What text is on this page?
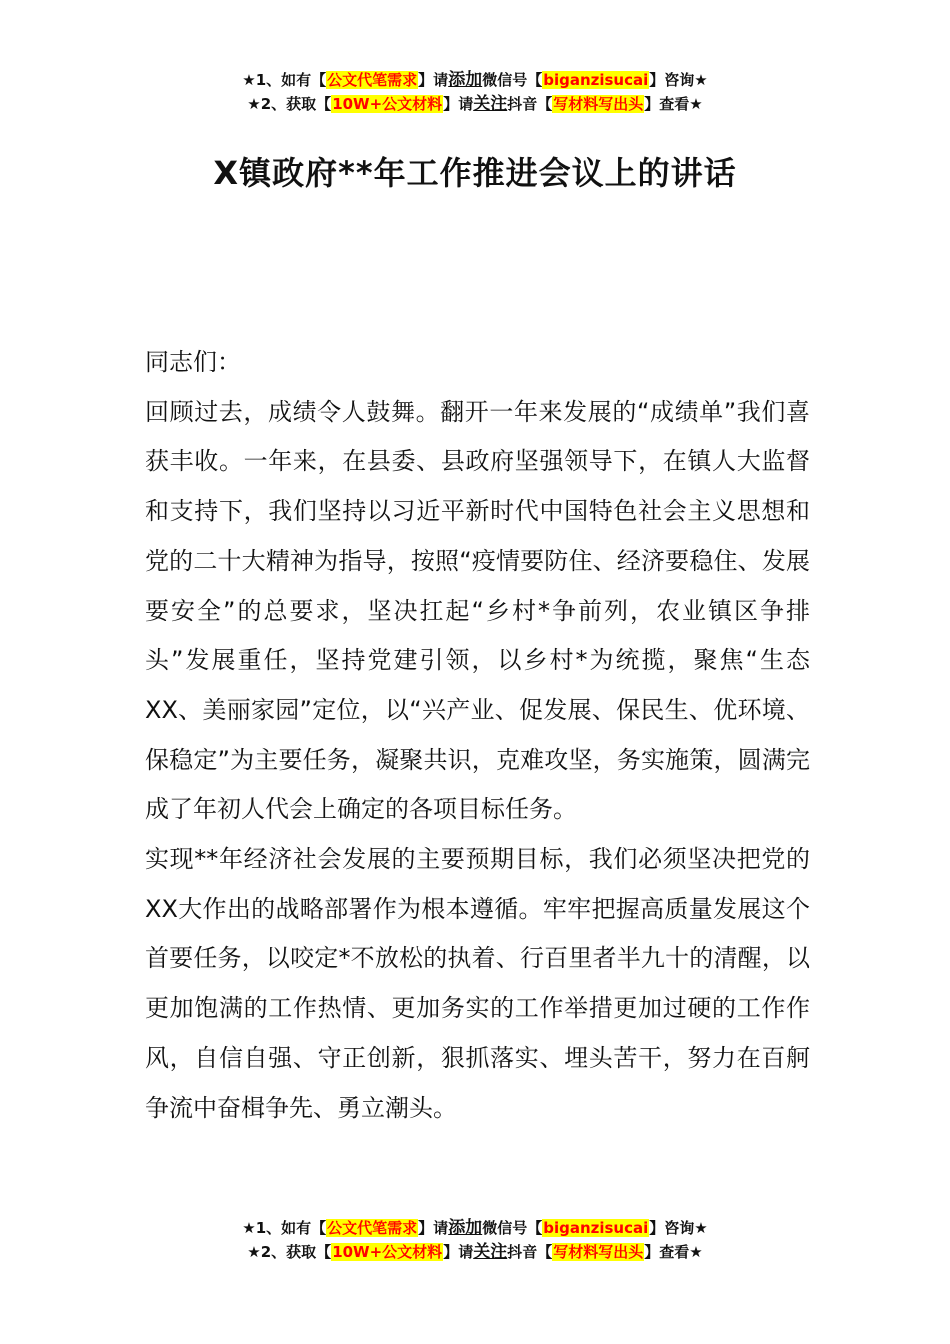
★1、如有【公文代笔需求】请添加微信号【biganzisucai】咨询★
★2、获取【10W+公文材料】请关注抖音【写材料写出头】查看★
X镇政府**年工作推进会议上的讲话

同志们：

回顾过去，成绩令人鼓舞。翻开一年来发展的“成绩单”我们喜获丰收。一年来，在县委、县政府坚强领导下，在镇人大监督和支持下，我们坚持以习近平新时代中国特色社会主义思想和党的二十大精神为指导，按照“疫情要防住、经济要稳住、发展要安全”的总要求，坚决扛起“乡村*争前列，农业镇区争排头”发展重任，坚持党建引领，以乡村*为统揽，聚焦“生态XX、美丽家园”定位，以“兴产业、促发展、保民生、优环境、保稳定”为主要任务，凝聚共识，克难攻坚，务实施策，圆满完成了年初人代会上确定的各项目标任务。

实现**年经济社会发展的主要预期目标，我们必须坚决把党的XX大作出的战略部署作为根本遵循。牢牢把握高质量发展这个首要任务，以咬定*不放松的执着、行百里者半九十的清醒，以更加饱满的工作热情、更加务实的工作举措更加过硬的工作作风，自信自强、守正创新，狠抓落实、埋头苦干，努力在百舸争流中奋楫争先、勇立潮头。

★1、如有【公文代笔需求】请添加微信号【biganzisucai】咨询★
★2、获取【10W+公文材料】请关注抖音【写材料写出头】查看★
